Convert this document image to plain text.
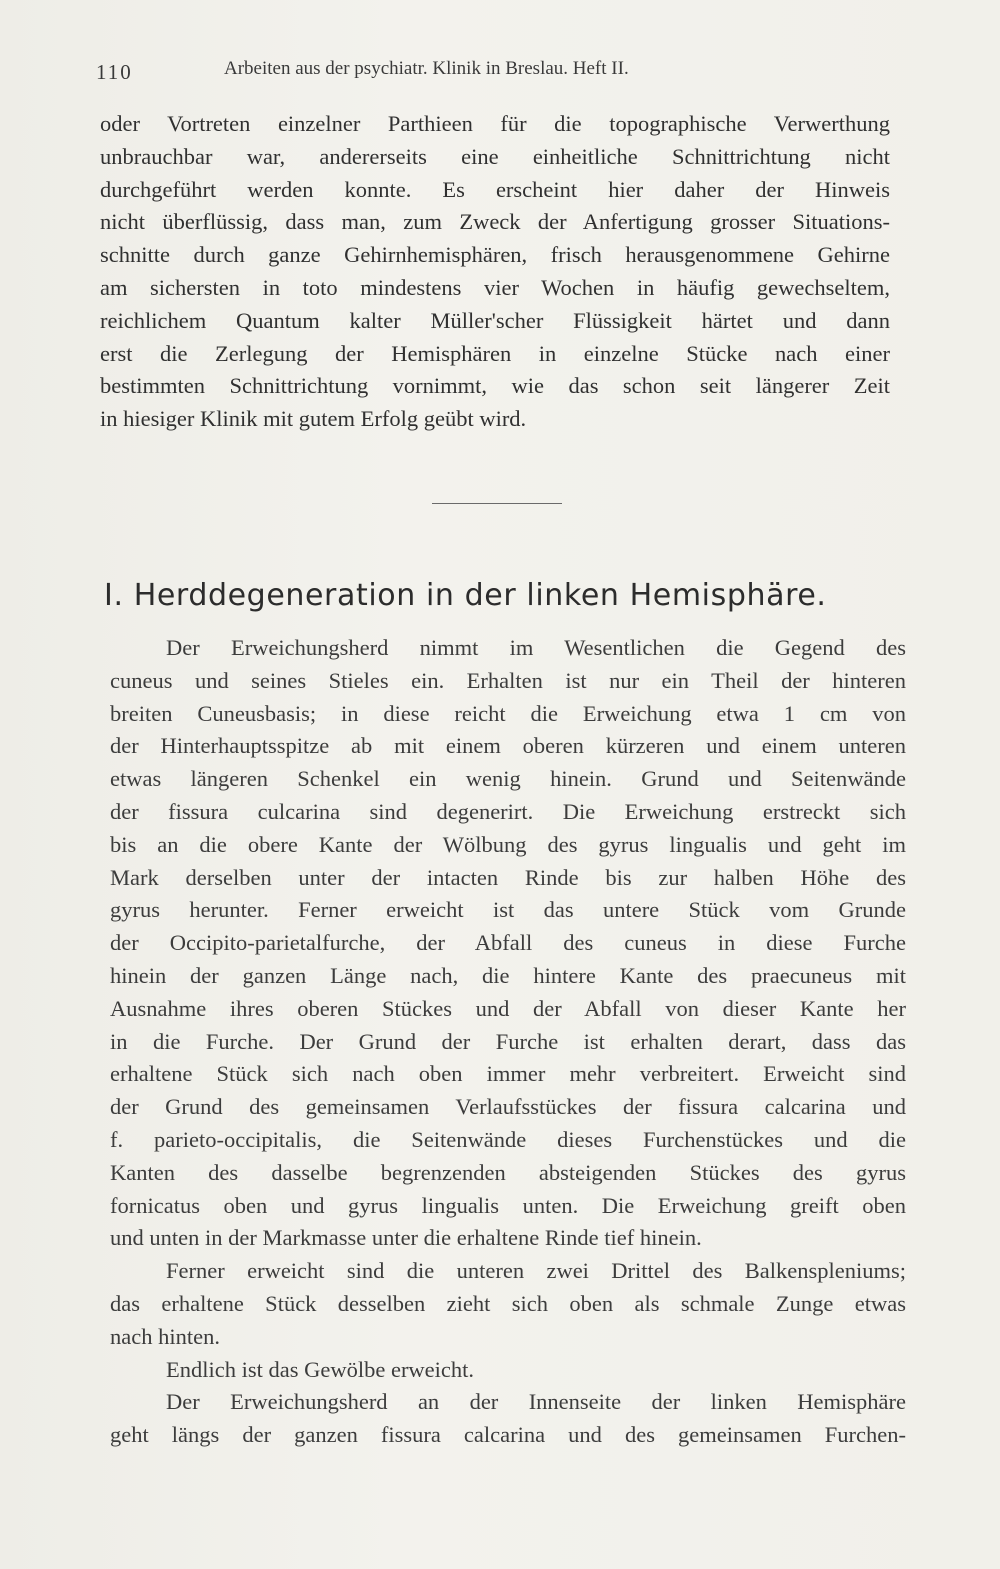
110	Arbeiten aus der psychiatr. Klinik in Breslau. Heft II.
oder Vortreten einzelner Parthieen für die topographische Verwerthung
unbrauchbar war, andererseits eine einheitliche Schnittrichtung nicht
durchgeführt werden konnte. Es erscheint hier daher der Hinweis
nicht überflüssig, dass man, zum Zweck der Anfertigung grosser Situations-
schnitte durch ganze Gehirnhemisphären, frisch herausgenommene Gehirne
am sichersten in toto mindestens vier Wochen in häufig gewechseltem,
reichlichem Quantum kalter Müller'scher Flüssigkeit härtet und dann
erst die Zerlegung der Hemisphären in einzelne Stücke nach einer
bestimmten Schnittrichtung vornimmt, wie das schon seit längerer Zeit
in hiesiger Klinik mit gutem Erfolg geübt wird.
I. Herddegeneration in der linken Hemisphäre.
Der Erweichungsherd nimmt im Wesentlichen die Gegend des
cuneus und seines Stieles ein. Erhalten ist nur ein Theil der hinteren
breiten Cuneusbasis; in diese reicht die Erweichung etwa 1 cm von
der Hinterhauptsspitze ab mit einem oberen kürzeren und einem unteren
etwas längeren Schenkel ein wenig hinein. Grund und Seitenwände
der fissura culcarina sind degenerirt. Die Erweichung erstreckt sich
bis an die obere Kante der Wölbung des gyrus lingualis und geht im
Mark derselben unter der intacten Rinde bis zur halben Höhe des
gyrus herunter. Ferner erweicht ist das untere Stück vom Grunde
der Occipito-parietalfurche, der Abfall des cuneus in diese Furche
hinein der ganzen Länge nach, die hintere Kante des praecuneus mit
Ausnahme ihres oberen Stückes und der Abfall von dieser Kante her
in die Furche. Der Grund der Furche ist erhalten derart, dass das
erhaltene Stück sich nach oben immer mehr verbreitert. Erweicht sind
der Grund des gemeinsamen Verlaufsstückes der fissura calcarina und
f. parieto-occipitalis, die Seitenwände dieses Furchenstückes und die
Kanten des dasselbe begrenzenden absteigenden Stückes des gyrus
fornicatus oben und gyrus lingualis unten. Die Erweichung greift oben
und unten in der Markmasse unter die erhaltene Rinde tief hinein.
Ferner erweicht sind die unteren zwei Drittel des Balkenspleniums;
das erhaltene Stück desselben zieht sich oben als schmale Zunge etwas
nach hinten.
Endlich ist das Gewölbe erweicht.
Der Erweichungsherd an der Innenseite der linken Hemisphäre
geht längs der ganzen fissura calcarina und des gemeinsamen Furchen-
